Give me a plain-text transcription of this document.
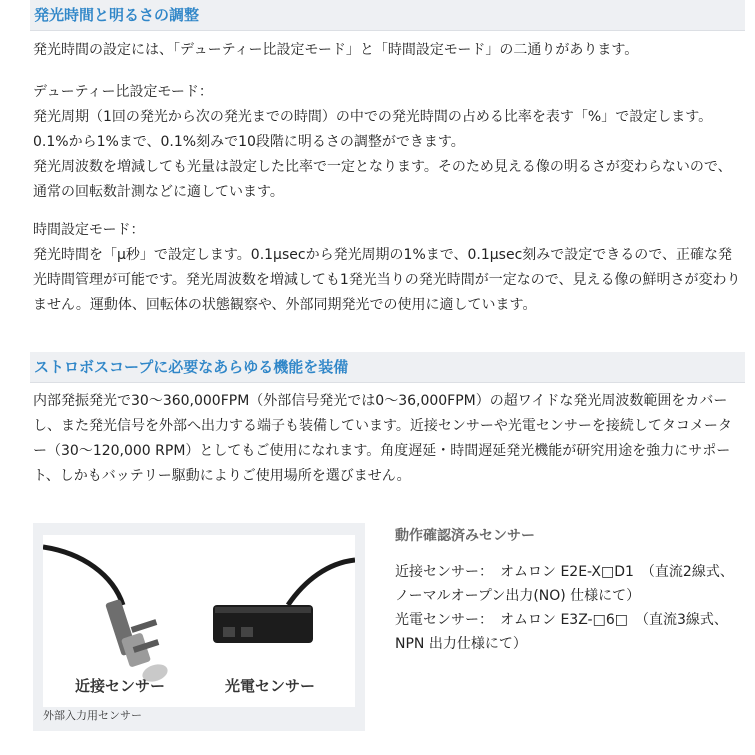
発光時間と明るさの調整

発光時間の設定には、「デューティー比設定モード」と「時間設定モード」の二通りがあります。

デューティー比設定モード：
発光周期（1回の発光から次の発光までの時間）の中での発光時間の占める比率を表す「%」で設定します。0.1%から1%まで、0.1%刻みで10段階に明るさの調整ができます。
発光周波数を増減しても光量は設定した比率で一定となります。そのため見える像の明るさが変わらないので、通常の回転数計測などに適しています。

時間設定モード：
発光時間を「μ秒」で設定します。0.1μsecから発光周期の1%まで、0.1μsec刻みで設定できるので、正確な発光時間管理が可能です。発光周波数を増減しても1発光当りの発光時間が一定なので、見える像の鮮明さが変わりません。運動体、回転体の状態観察や、外部同期発光での使用に適しています。

ストロボスコープに必要なあらゆる機能を装備

内部発振発光で30～360,000FPM（外部信号発光では0～36,000FPM）の超ワイドな発光周波数範囲をカバーし、また発光信号を外部へ出力する端子も装備しています。近接センサーや光電センサーを接続してタコメーター（30～120,000 RPM）としてもご使用になれます。角度遅延・時間遅延発光機能が研究用途を強力にサポート、しかもバッテリー駆動によりご使用場所を選びません。

近接センサー	光電センサー
外部入力用センサー

動作確認済みセンサー

近接センサー：　オムロン E2E-X□D1　（直流2線式、ノーマルオープン出力(NO) 仕様にて）
光電センサー：　オムロン E3Z-□6□　（直流3線式、NPN 出力仕様にて）
